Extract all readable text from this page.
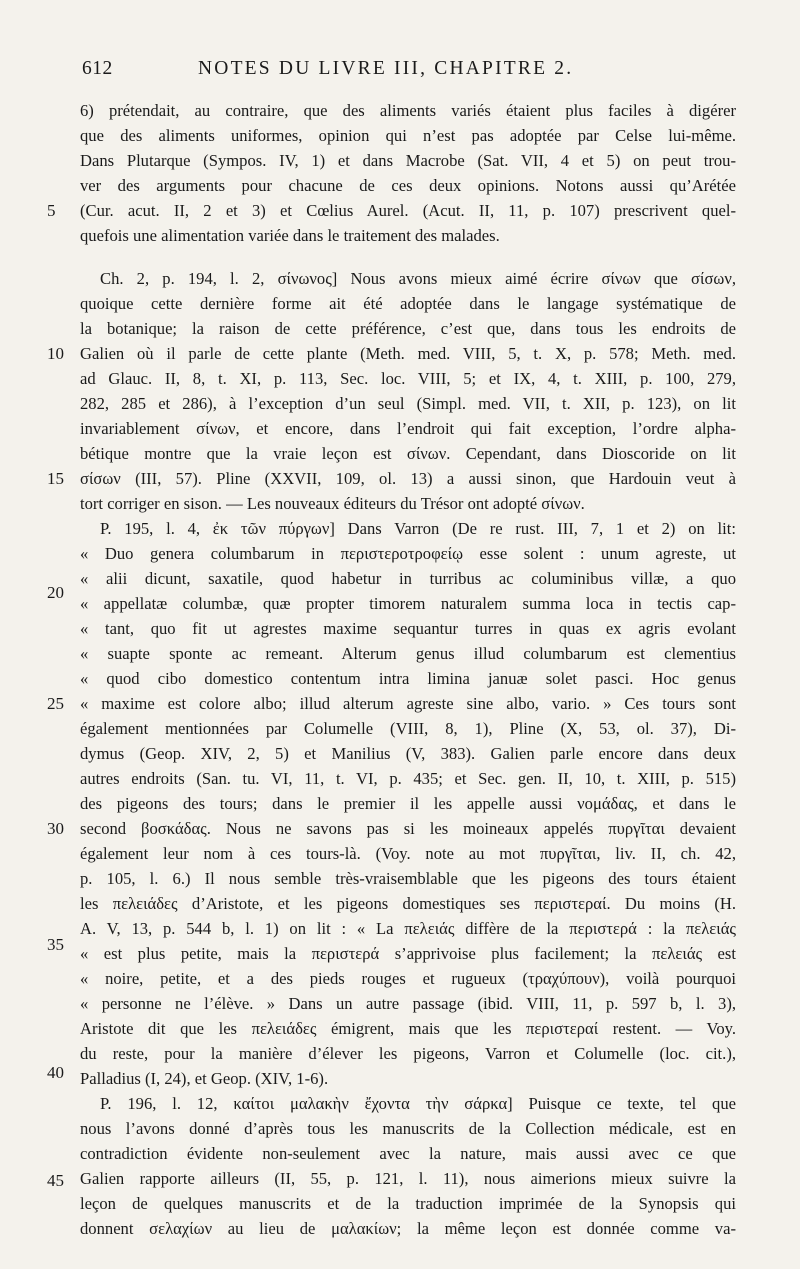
612	NOTES DU LIVRE III, CHAPITRE 2.
6) prétendait, au contraire, que des aliments variés étaient plus faciles à digérer
que des aliments uniformes, opinion qui n’est pas adoptée par Celse lui-même.
Dans Plutarque (Sympos. IV, 1) et dans Macrobe (Sat. VII, 4 et 5) on peut trou-
ver des arguments pour chacune de ces deux opinions. Notons aussi qu’Arétée
(Cur. acut. II, 2 et 3) et Cœlius Aurel. (Acut. II, 11, p. 107) prescrivent quel-
quefois une alimentation variée dans le traitement des malades.
Ch. 2, p. 194, l. 2, σίνωνος] Nous avons mieux aimé écrire σίνων que σίσων,
quoique cette dernière forme ait été adoptée dans le langage systématique de
la botanique; la raison de cette préférence, c’est que, dans tous les endroits de
Galien où il parle de cette plante (Meth. med. VIII, 5, t. X, p. 578; Meth. med.
ad Glauc. II, 8, t. XI, p. 113, Sec. loc. VIII, 5; et IX, 4, t. XIII, p. 100, 279,
282, 285 et 286), à l’exception d’un seul (Simpl. med. VII, t. XII, p. 123), on lit
invariablement σίνων, et encore, dans l’endroit qui fait exception, l’ordre alpha-
bétique montre que la vraie leçon est σίνων. Cependant, dans Dioscoride on lit
σίσων (III, 57). Pline (XXVII, 109, ol. 13) a aussi sinon, que Hardouin veut à
tort corriger en sison. — Les nouveaux éditeurs du Trésor ont adopté σίνων.
P. 195, l. 4, ἐκ τῶν πύργων] Dans Varron (De re rust. III, 7, 1 et 2) on lit:
« Duo genera columbarum in περιστεροτροφείῳ esse solent : unum agreste, ut
« alii dicunt, saxatile, quod habetur in turribus ac columinibus villæ, a quo
« appellatæ columbæ, quæ propter timorem naturalem summa loca in tectis cap-
« tant, quo fit ut agrestes maxime sequantur turres in quas ex agris evolant
« suapte sponte ac remeant. Alterum genus illud columbarum est clementius
« quod cibo domestico contentum intra limina januæ solet pasci. Hoc genus
« maxime est colore albo; illud alterum agreste sine albo, vario. » Ces tours sont
également mentionnées par Columelle (VIII, 8, 1), Pline (X, 53, ol. 37), Di-
dymus (Geop. XIV, 2, 5) et Manilius (V, 383). Galien parle encore dans deux
autres endroits (San. tu. VI, 11, t. VI, p. 435; et Sec. gen. II, 10, t. XIII, p. 515)
des pigeons des tours; dans le premier il les appelle aussi νομάδας, et dans le
second βοσκάδας. Nous ne savons pas si les moineaux appelés πυργῖται devaient
également leur nom à ces tours-là. (Voy. note au mot πυργῖται, liv. II, ch. 42,
p. 105, l. 6.) Il nous semble très-vraisemblable que les pigeons des tours étaient
les πελειάδες d’Aristote, et les pigeons domestiques ses περιστεραί. Du moins (H.
A. V, 13, p. 544 b, l. 1) on lit : « La πελειάς diffère de la περιστερά : la πελειάς
« est plus petite, mais la περιστερά s’apprivoise plus facilement; la πελειάς est
« noire, petite, et a des pieds rouges et rugueux (τραχύπουν), voilà pourquoi
« personne ne l’élève. » Dans un autre passage (ibid. VIII, 11, p. 597 b, l. 3),
Aristote dit que les πελειάδες émigrent, mais que les περιστεραί restent. — Voy.
du reste, pour la manière d’élever les pigeons, Varron et Columelle (loc. cit.),
Palladius (I, 24), et Geop. (XIV, 1-6).
P. 196, l. 12, καίτοι μαλακὴν ἔχοντα τὴν σάρκα] Puisque ce texte, tel que
nous l’avons donné d’après tous les manuscrits de la Collection médicale, est en
contradiction évidente non-seulement avec la nature, mais aussi avec ce que
Galien rapporte ailleurs (II, 55, p. 121, l. 11), nous aimerions mieux suivre la
leçon de quelques manuscrits et de la traduction imprimée de la Synopsis qui
donnent σελαχίων au lieu de μαλακίων; la même leçon est donnée comme va-
5
10
15
20
25
30
35
40
45
